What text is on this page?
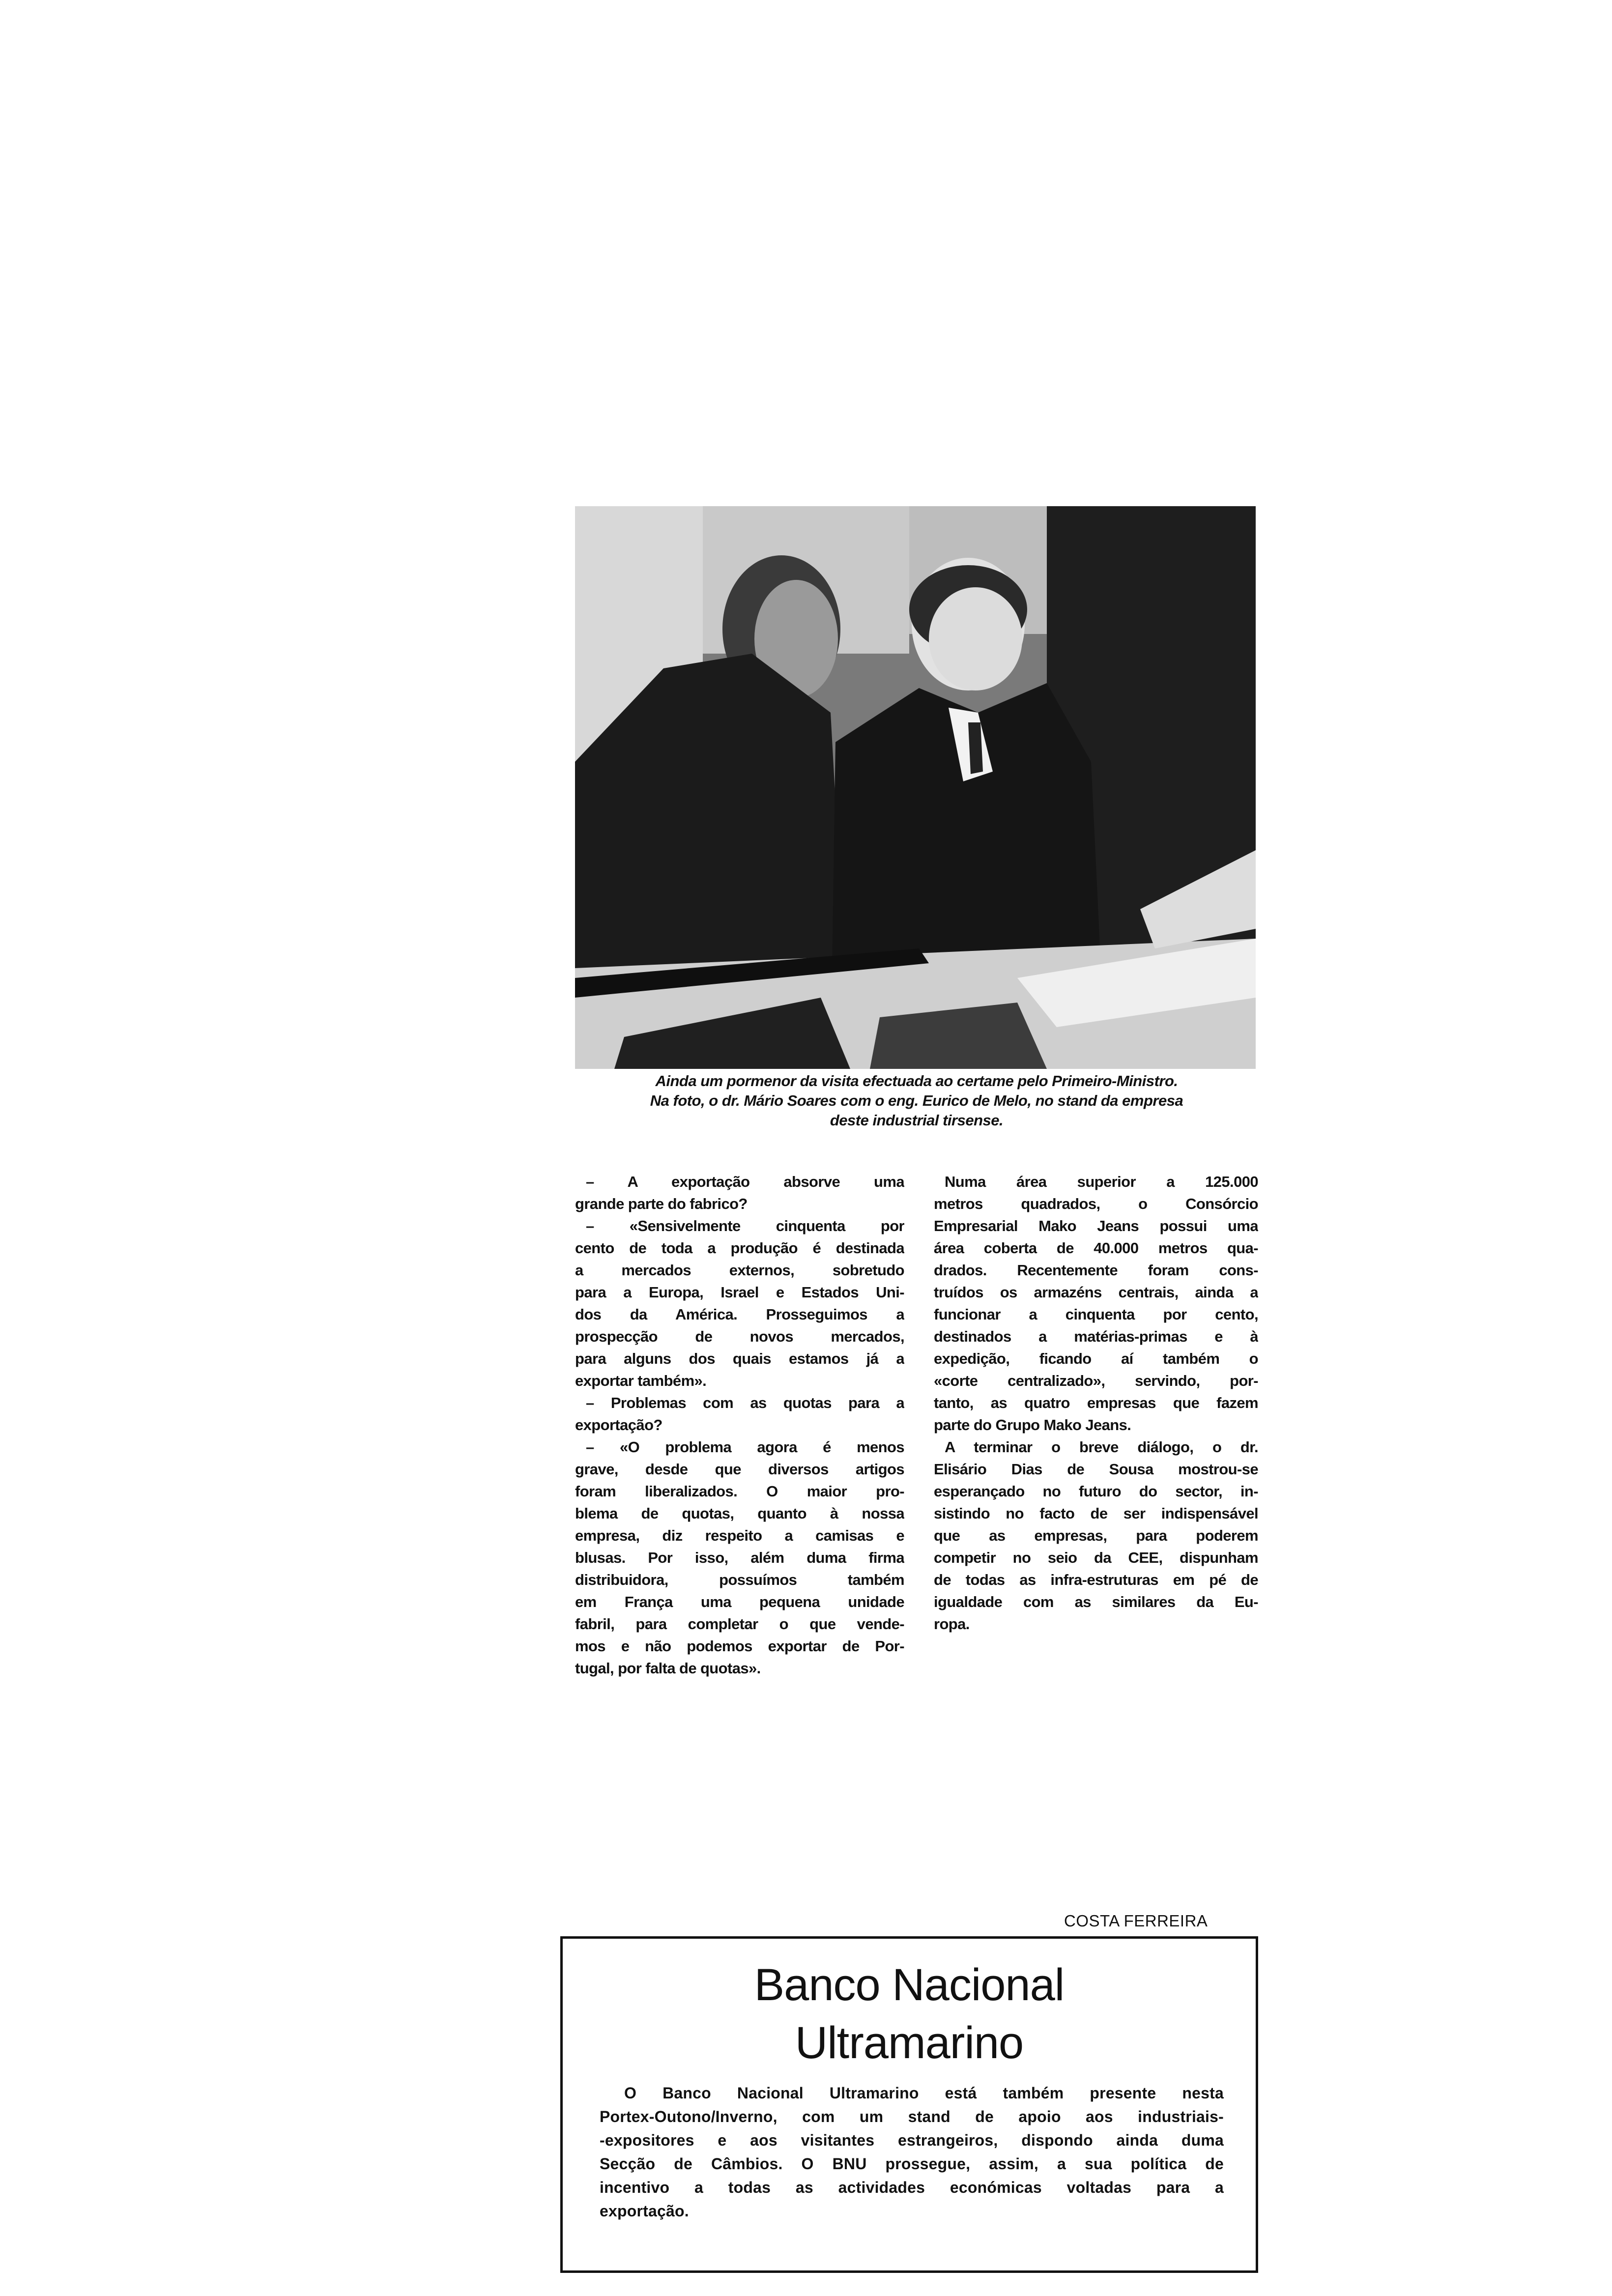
Ainda um pormenor da visita efectuada ao certame pelo Primeiro-Ministro.
Na foto, o dr. Mário Soares com o eng. Eurico de Melo, no stand da empresa
deste industrial tirsense.
– A exportação absorve uma
grande parte do fabrico?
– «Sensivelmente cinquenta por
cento de toda a produção é destinada
a mercados externos, sobretudo
para a Europa, Israel e Estados Uni-
dos da América. Prosseguimos a
prospecção de novos mercados,
para alguns dos quais estamos já a
exportar também».
– Problemas com as quotas para a
exportação?
– «O problema agora é menos
grave, desde que diversos artigos
foram liberalizados. O maior pro-
blema de quotas, quanto à nossa
empresa, diz respeito a camisas e
blusas. Por isso, além duma firma
distribuidora, possuímos também
em França uma pequena unidade
fabril, para completar o que vende-
mos e não podemos exportar de Por-
tugal, por falta de quotas».
Numa área superior a 125.000
metros quadrados, o Consórcio
Empresarial Mako Jeans possui uma
área coberta de 40.000 metros qua-
drados. Recentemente foram cons-
truídos os armazéns centrais, ainda a
funcionar a cinquenta por cento,
destinados a matérias-primas e à
expedição, ficando aí também o
«corte centralizado», servindo, por-
tanto, as quatro empresas que fazem
parte do Grupo Mako Jeans.
A terminar o breve diálogo, o dr.
Elisário Dias de Sousa mostrou-se
esperançado no futuro do sector, in-
sistindo no facto de ser indispensável
que as empresas, para poderem
competir no seio da CEE, dispunham
de todas as infra-estruturas em pé de
igualdade com as similares da Eu-
ropa.
COSTA FERREIRA
Banco Nacional
Ultramarino
O Banco Nacional Ultramarino está também presente nesta
Portex-Outono/Inverno, com um stand de apoio aos industriais-
-expositores e aos visitantes estrangeiros, dispondo ainda duma
Secção de Câmbios. O BNU prossegue, assim, a sua política de
incentivo a todas as actividades económicas voltadas para a
exportação.
